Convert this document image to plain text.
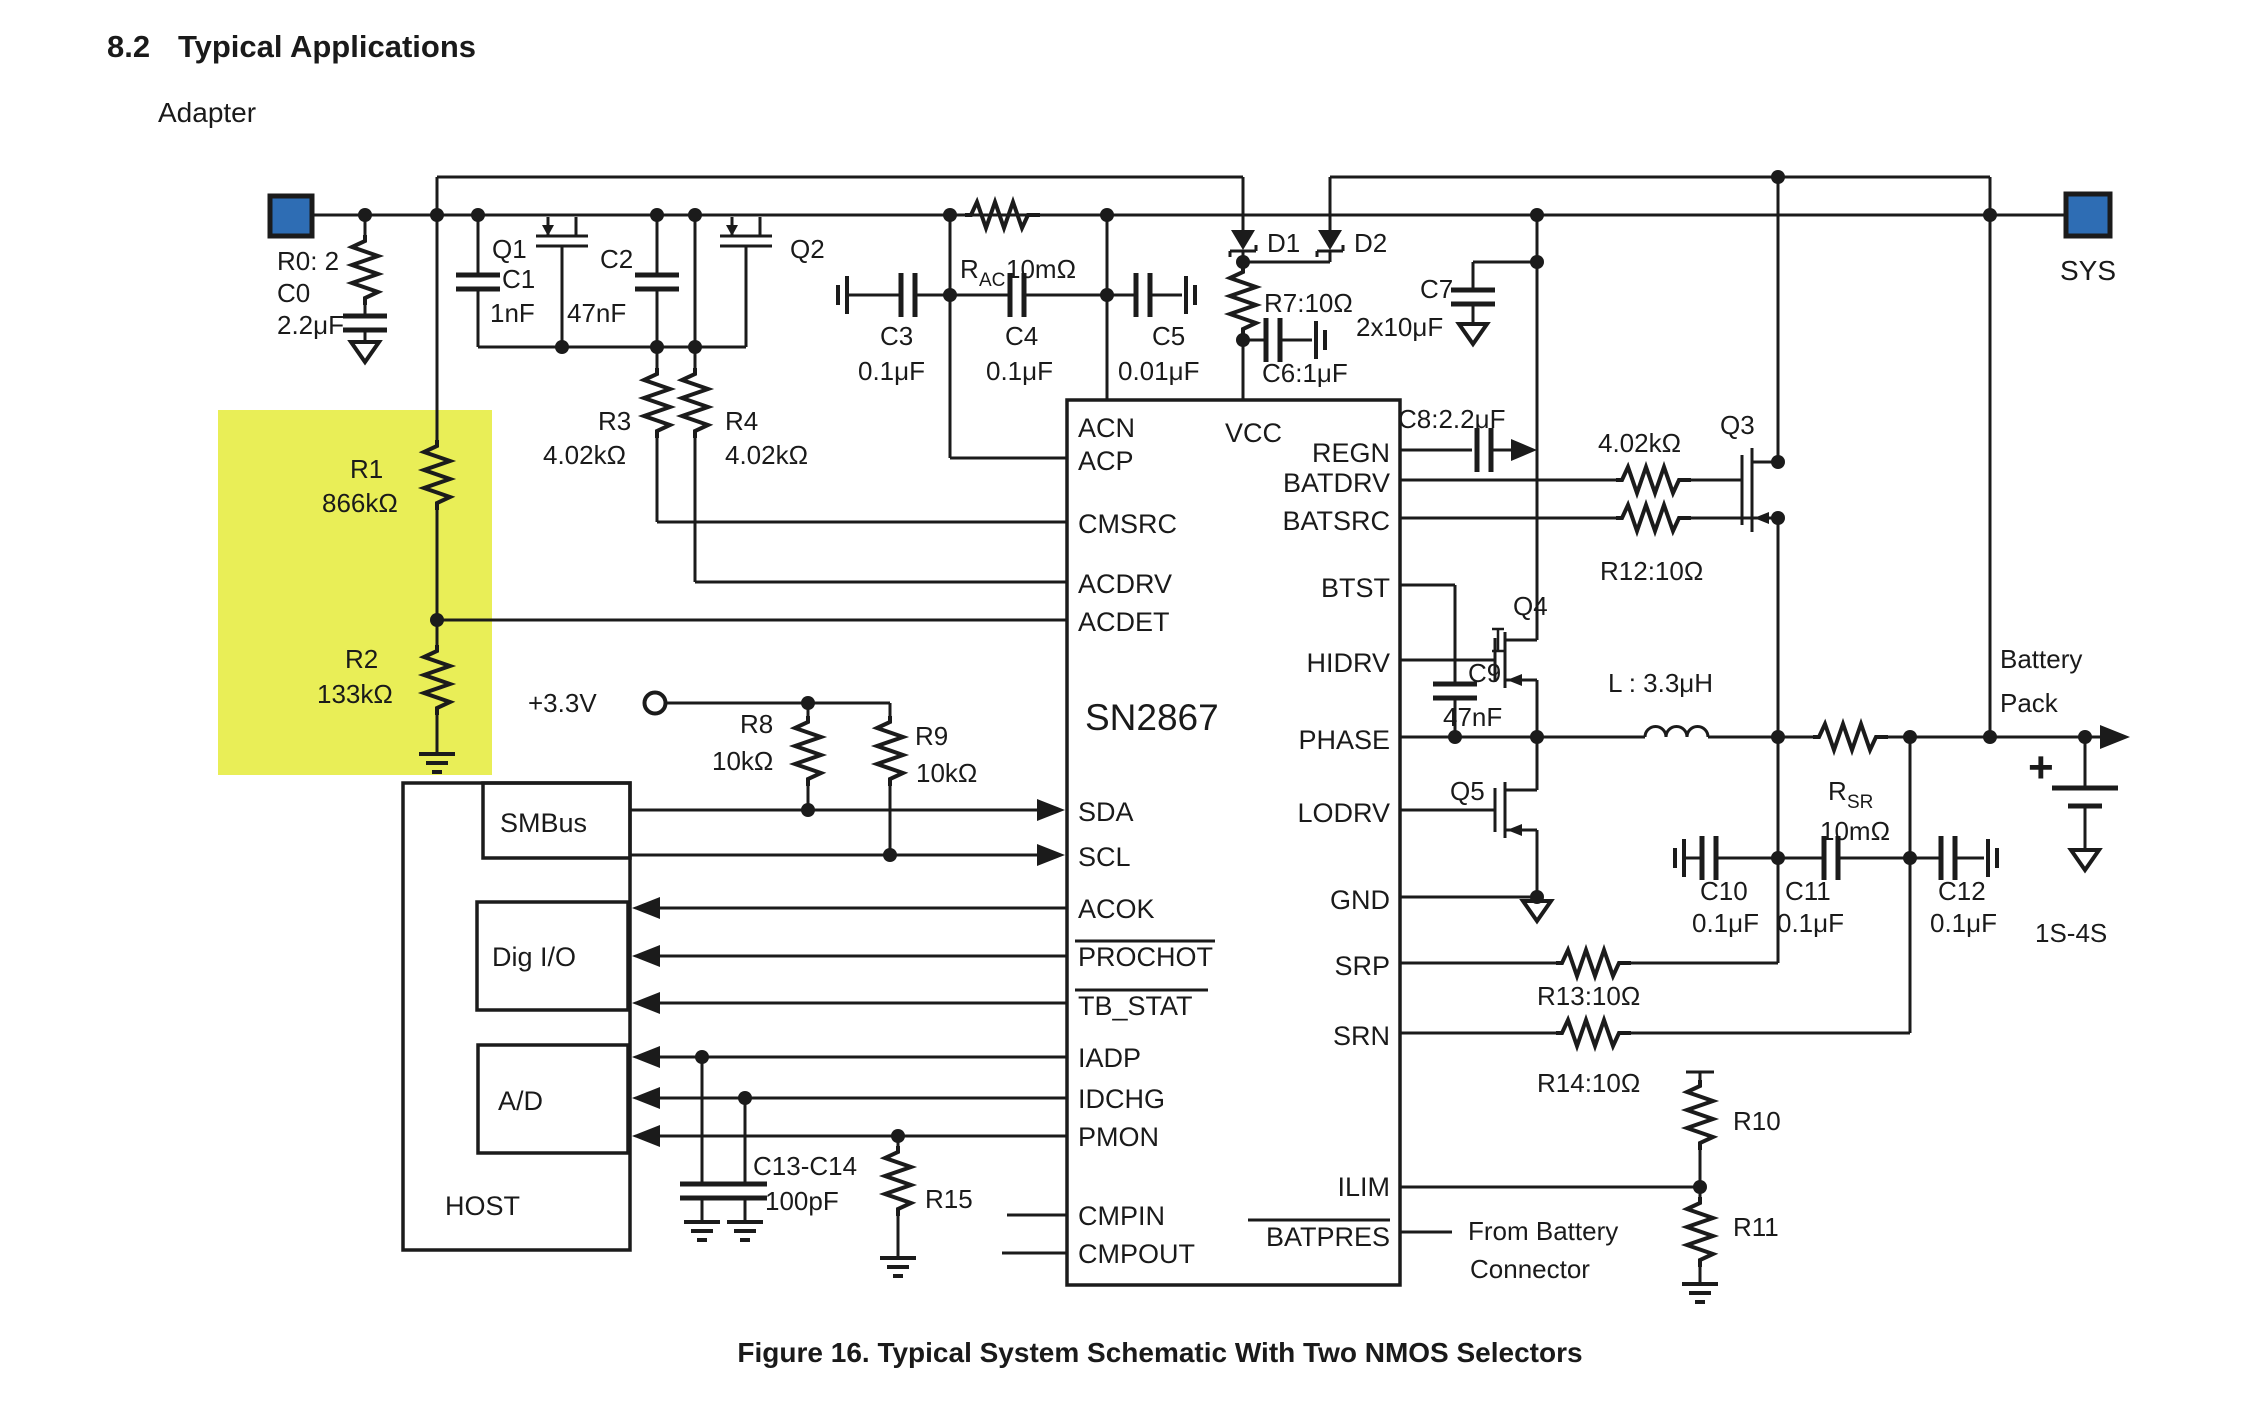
8.2 Typical Applications
Figure 16. Typical System Schematic With Two NMOS Selectors
SN2867
VCC
ACN
ACP
CMSRC
ACDRV
ACDET
SDA
SCL
ACOK
PROCHOT
TB_STAT
IADP
IDCHG
PMON
CMPIN
CMPOUT
REGN
BATDRV
BATSRC
BTST
HIDRV
PHASE
LODRV
GND
SRP
SRN
ILIM
BATPRES
SMBus
Dig I/O
A/D
HOST
+
Adapter
SYS
R0: 2
C0
2.2μF
Q1
C1
1nF
C2
47nF
Q2
R1
866kΩ
R2
133kΩ
R3
4.02kΩ
R4
4.02kΩ
R AC 10mΩ
C3
0.1μF
C4
0.1μF
C5
0.01μF
D1 D2
R7:10Ω
C6:1μF
C7
2x10μF
C8:2.2μF
4.02kΩ
Q3
R12:10Ω
Q4
C9
47nF
L : 3.3μH
Q5	R SR
10mΩ
Battery
Pack
1S-4S
C10
0.1μF
C11
0.1μF
C12
0.1μF
R13:10Ω
R14:10Ω
R10
R11
From Battery
Connector
+3.3V
R8
10kΩ
R9
10kΩ
C13-C14
100pF	R15
